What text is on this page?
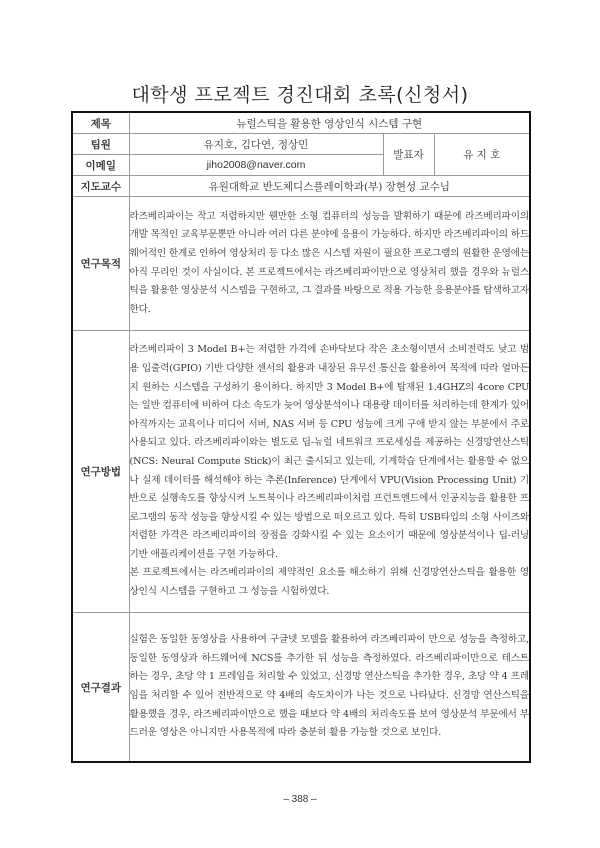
대학생 프로젝트 경진대회 초록(신청서)
제목	뉴럴스틱을 활용한 영상인식 시스템 구현		
팀원	유지호, 김다연, 정상민	발표자	유 지 호
이메일	jiho2008@naver.com		
지도교수	유원대학교 반도체디스플레이학과(부) 장현성 교수님		
연구목적	라즈베리파이는 작고 저렴하지만 웬만한 소형 컴퓨터의 성능을 발휘하기 때문에 라즈베리파이의 개발 목적인 교육부문뿐만 아니라 여러 다른 분야에 응용이 가능하다. 하지만 라즈베리파이의 하드웨어적인 한계로 인하여 영상처리 등 다소 많은 시스템 자원이 필요한 프로그램의 원활한 운영에는 아직 무리인 것이 사실이다. 본 프로젝트에서는 라즈베리파이만으로 영상처리 했을 경우와 뉴럴스틱을 활용한 영상분석 시스템을 구현하고, 그 결과를 바탕으로 적용 가능한 응용분야를 탐색하고자 한다.		

연구방법	라즈베리파이 3 Model B+는 저렴한 가격에 손바닥보다 작은 초소형이면서 소비전력도 낮고 범용 입출력(GPIO) 기반 다양한 센서의 활용과 내장된 유무선 통신을 활용하여 목적에 따라 얼마든지 원하는 시스템을 구성하기 용이하다. 하지만 3 Model B+에 탑재된 1.4GHZ의 4core CPU는 일반 컴퓨터에 비하여 다소 속도가 늦어 영상분석이나 대용량 데이터를 처리하는데 한계가 있어 아직까지는 교육이나 미디어 서버, NAS 서버 등 CPU 성능에 크게 구애 받지 않는 부분에서 주로 사용되고 있다. 라즈베리파이와는 별도로 딥-뉴럴 네트워크 프로세싱을 제공하는 신경망연산스틱(NCS: Neural Compute Stick)이 최근 출시되고 있는데, 기계학습 단계에서는 활용할 수 없으나 실제 데이터를 해석해야 하는 추론(Inference) 단계에서 VPU(Vision Processing Unit) 기반으로 실행속도를 향상시켜 노트북이나 라즈베리파이처럼 프런트엔드에서 인공지능을 활용한 프로그램의 동작 성능을 향상시킬 수 있는 방법으로 떠오르고 있다. 특히 USB타입의 소형 사이즈와 저렴한 가격은 라즈베리파이의 장점을 강화시킬 수 있는 요소이기 때문에 영상분석이나 딥-러닝 기반 애플리케이션을 구현 가능하다.

본 프로젝트에서는 라즈베리파이의 제약적인 요소를 해소하기 위해 신경망연산스틱을 활용한 영상인식 시스템을 구현하고 그 성능을 시험하였다.		

연구결과	실험은 동일한 동영상을 사용하여 구글넷 모델을 활용하여 라즈베리파이 만으로 성능을 측정하고, 동일한 동영상과 하드웨어에 NCS를 추가한 뒤 성능을 측정하였다. 라즈베리파이만으로 테스트 하는 경우, 초당 약 1 프레임을 처리할 수 있었고, 신경망 연산스틱을 추가한 경우, 초당 약 4 프레임을 처리할 수 있어 전반적으로 약 4배의 속도차이가 나는 것으로 나타났다. 신경망 연산스틱을 활용했을 경우, 라즈베리파이만으로 했을 때보다 약 4배의 처리속도를 보여 영상분석 부문에서 부드러운 영상은 아니지만 사용목적에 따라 충분히 활용 가능할 것으로 보인다.		

– 388 –
